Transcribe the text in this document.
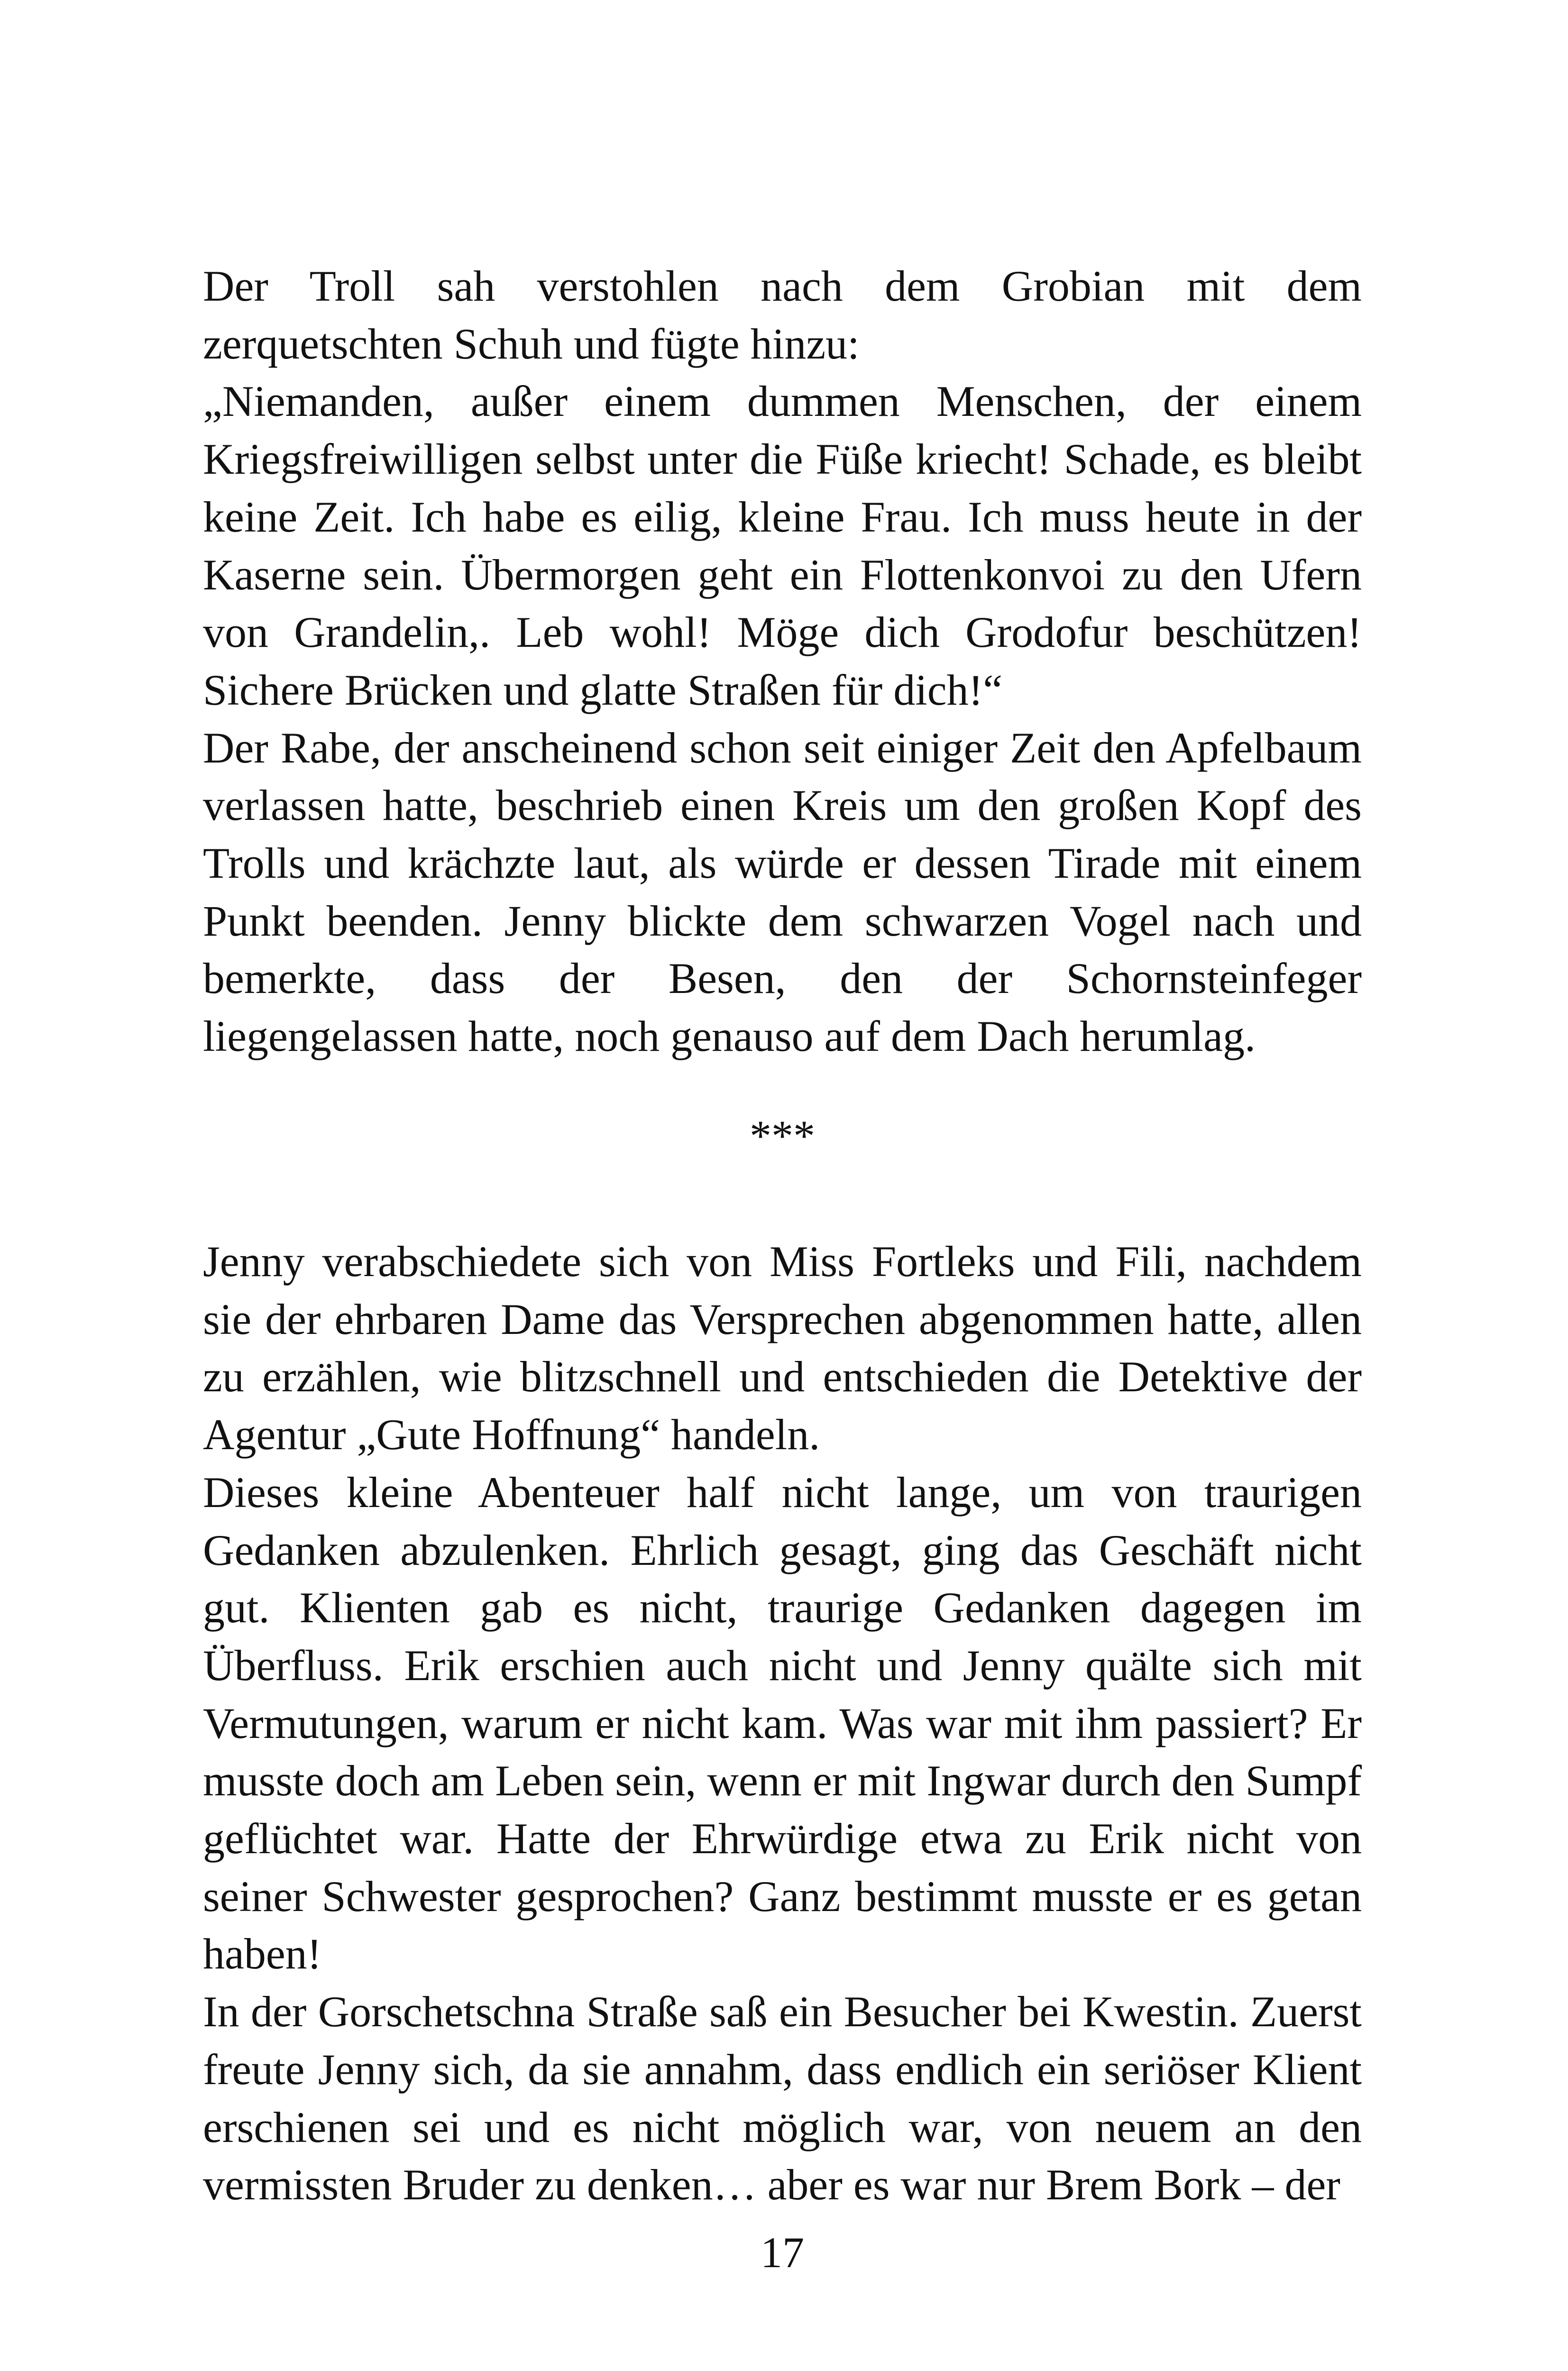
Der Troll sah verstohlen nach dem Grobian mit dem zerquetschten Schuh und fügte hinzu:

„Niemanden, außer einem dummen Menschen, der einem Kriegsfreiwilligen selbst unter die Füße kriecht! Schade, es bleibt keine Zeit. Ich habe es eilig, kleine Frau. Ich muss heute in der Kaserne sein. Übermorgen geht ein Flottenkonvoi zu den Ufern von Grandelin,. Leb wohl! Möge dich Grodofur beschützen! Sichere Brücken und glatte Straßen für dich!“

Der Rabe, der anscheinend schon seit einiger Zeit den Apfelbaum verlassen hatte, beschrieb einen Kreis um den großen Kopf des Trolls und krächzte laut, als würde er dessen Tirade mit einem Punkt beenden. Jenny blickte dem schwarzen Vogel nach und bemerkte, dass der Besen, den der Schornsteinfeger liegengelassen hatte, noch genauso auf dem Dach herumlag.

***

Jenny verabschiedete sich von Miss Fortleks und Fili, nachdem sie der ehrbaren Dame das Versprechen abgenommen hatte, allen zu erzählen, wie blitzschnell und entschieden die Detektive der Agentur „Gute Hoffnung“ handeln.

Dieses kleine Abenteuer half nicht lange, um von traurigen Gedanken abzulenken. Ehrlich gesagt, ging das Geschäft nicht gut. Klienten gab es nicht, traurige Gedanken dagegen im Überfluss. Erik erschien auch nicht und Jenny quälte sich mit Vermutungen, warum er nicht kam. Was war mit ihm passiert? Er musste doch am Leben sein, wenn er mit Ingwar durch den Sumpf geflüchtet war. Hatte der Ehrwürdige etwa zu Erik nicht von seiner Schwester gesprochen? Ganz bestimmt musste er es getan haben!

In der Gorschetschna Straße saß ein Besucher bei Kwestin. Zuerst freute Jenny sich, da sie annahm, dass endlich ein seriöser Klient erschienen sei und es nicht möglich war, von neuem an den vermissten Bruder zu denken… aber es war nur Brem Bork – der

17
